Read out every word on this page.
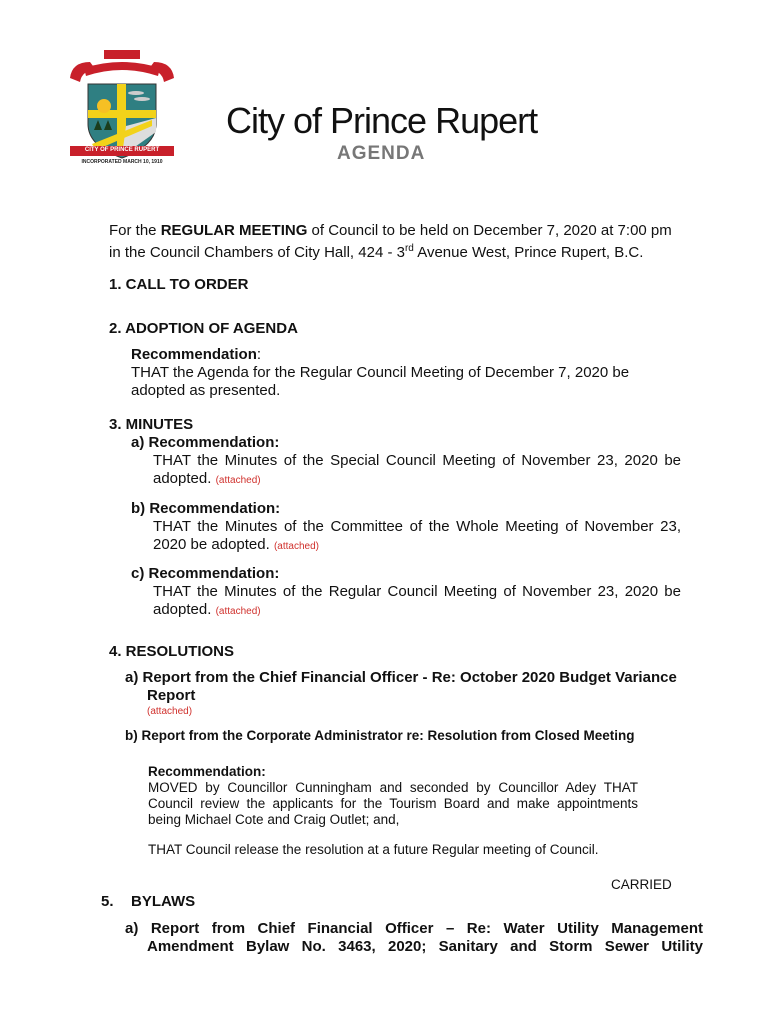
CITY OF PRINCE RUPERT
INCORPORATED MARCH 10, 1910
City of Prince Rupert
AGENDA
For the REGULAR MEETING of Council to be held on December 7, 2020 at 7:00 pm
in the Council Chambers of City Hall, 424 - 3rd Avenue West, Prince Rupert, B.C.
1. CALL TO ORDER
2. ADOPTION OF AGENDA
Recommendation:
THAT the Agenda for the Regular Council Meeting of December 7, 2020 be adopted as presented.
3. MINUTES
a) Recommendation:
THAT the Minutes of the Special Council Meeting of November 23, 2020 be adopted. (attached)
b) Recommendation:
THAT the Minutes of the Committee of the Whole Meeting of November 23, 2020 be adopted. (attached)
c) Recommendation:
THAT the Minutes of the Regular Council Meeting of November 23, 2020 be adopted. (attached)
4. RESOLUTIONS
a) Report from the Chief Financial Officer - Re: October 2020 Budget Variance Report
(attached)
b) Report from the Corporate Administrator re: Resolution from Closed Meeting
Recommendation:
MOVED by Councillor Cunningham and seconded by Councillor Adey THAT Council review the applicants for the Tourism Board and make appointments being Michael Cote and Craig Outlet; and,
THAT Council release the resolution at a future Regular meeting of Council.
CARRIED
5. BYLAWS
a) Report from Chief Financial Officer – Re: Water Utility Management Amendment Bylaw No. 3463, 2020; Sanitary and Storm Sewer Utility
